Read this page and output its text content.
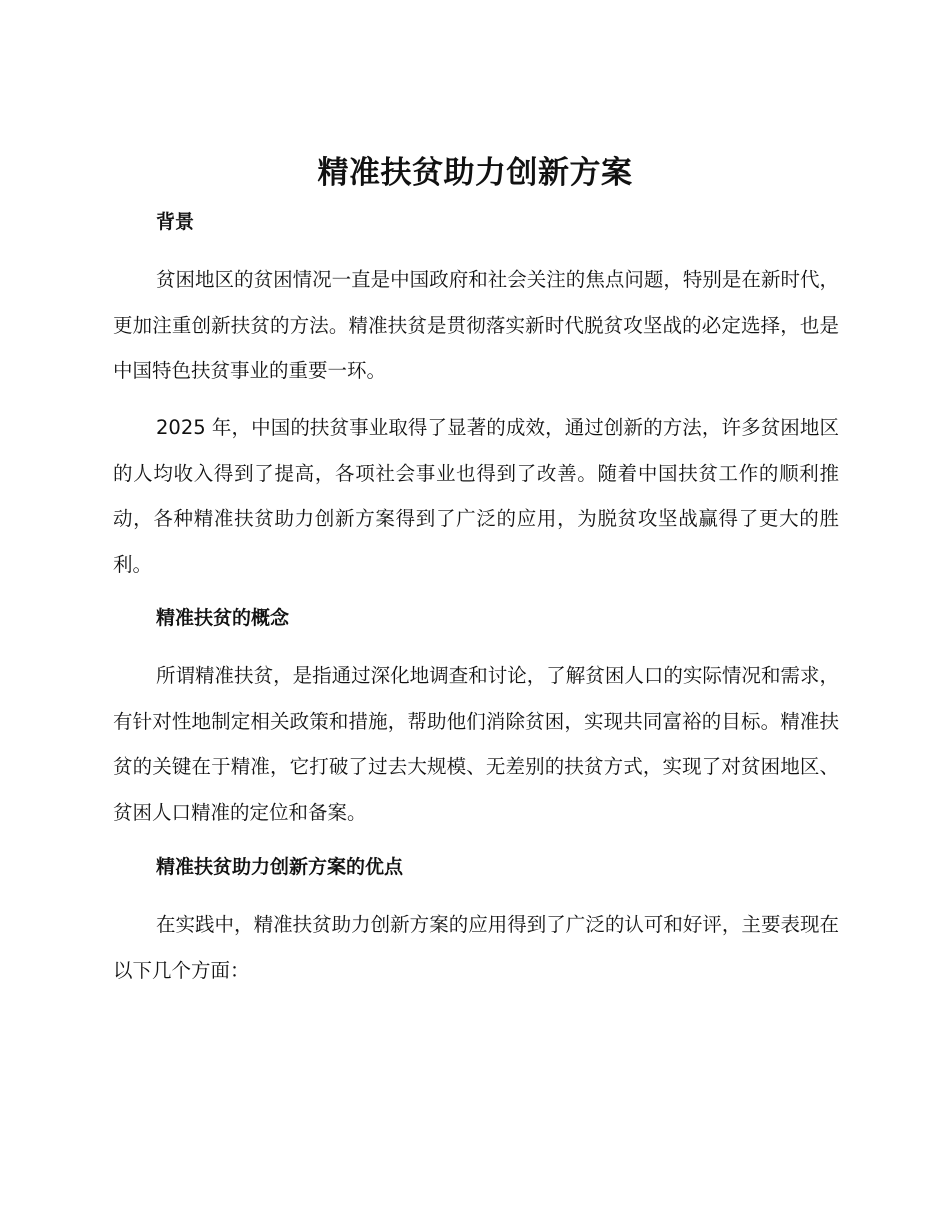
精准扶贫助力创新方案
背景

贫困地区的贫困情况一直是中国政府和社会关注的焦点问题，特别是在新时代，更加注重创新扶贫的方法。精准扶贫是贯彻落实新时代脱贫攻坚战的必定选择，也是中国特色扶贫事业的重要一环。

2025 年，中国的扶贫事业取得了显著的成效，通过创新的方法，许多贫困地区的人均收入得到了提高，各项社会事业也得到了改善。随着中国扶贫工作的顺利推动，各种精准扶贫助力创新方案得到了广泛的应用，为脱贫攻坚战赢得了更大的胜利。

精准扶贫的概念

所谓精准扶贫，是指通过深化地调查和讨论，了解贫困人口的实际情况和需求，有针对性地制定相关政策和措施，帮助他们消除贫困，实现共同富裕的目标。精准扶贫的关键在于精准，它打破了过去大规模、无差别的扶贫方式，实现了对贫困地区、贫困人口精准的定位和备案。

精准扶贫助力创新方案的优点

在实践中，精准扶贫助力创新方案的应用得到了广泛的认可和好评，主要表现在以下几个方面：
